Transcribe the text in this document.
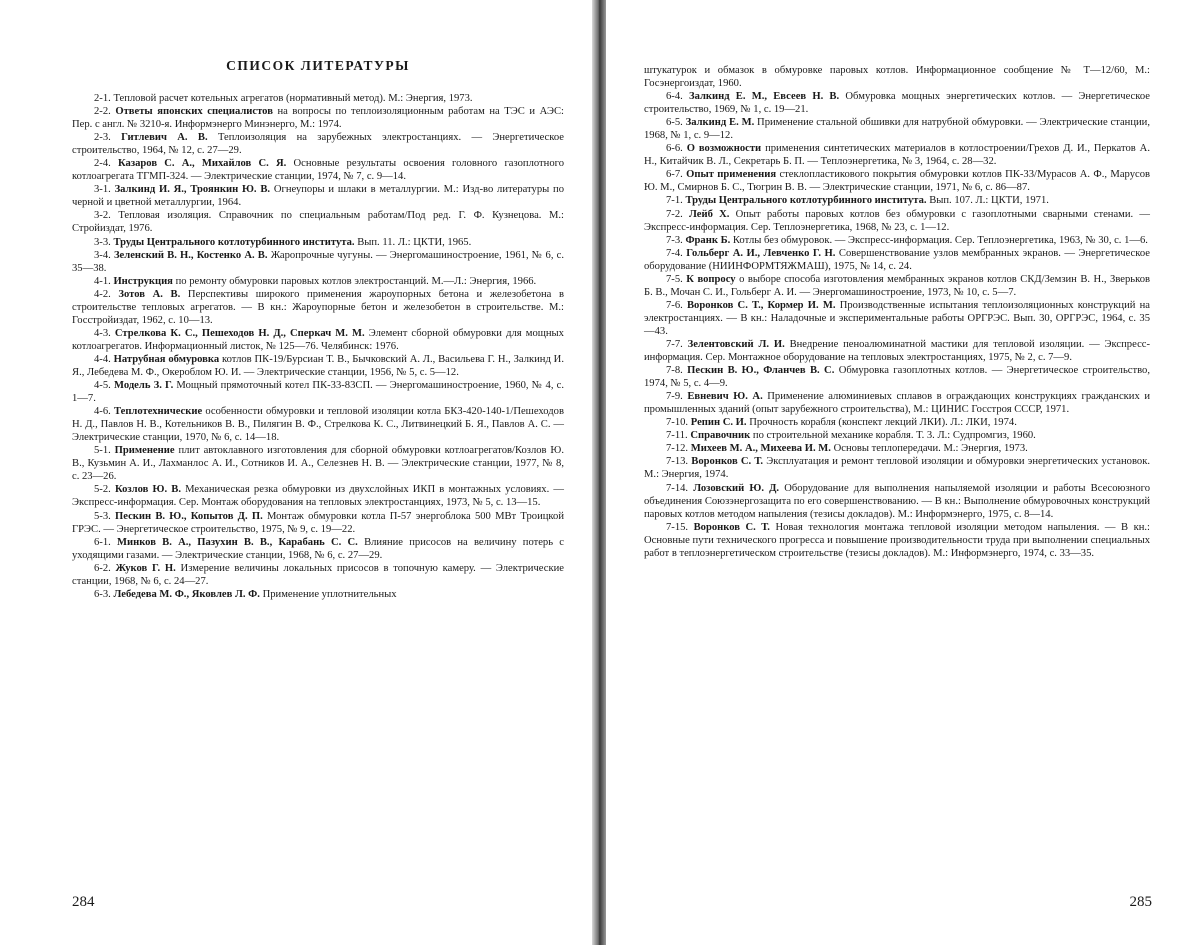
СПИСОК ЛИТЕРАТУРЫ

2-1. Тепловой расчет котельных агрегатов (нормативный метод). М.: Энергия, 1973.

2-2. Ответы японских специалистов на вопросы по теплоизоляционным работам на ТЭС и АЭС: Пер. с англ. № 3210-я. Информэнерго Минэнерго, М.: 1974.

2-3. Гитлевич А. В. Теплоизоляция на зарубежных электростанциях. — Энергетическое строительство, 1964, № 12, с. 27—29.

2-4. Казаров С. А., Михайлов С. Я. Основные результаты освоения головного газоплотного котлоагрегата ТГМП-324. — Электрические станции, 1974, № 7, с. 9—14.

3-1. Залкинд И. Я., Троянкин Ю. В. Огнеупоры и шлаки в металлургии. М.: Изд-во литературы по черной и цветной металлургии, 1964.

3-2. Тепловая изоляция. Справочник по специальным работам/Под ред. Г. Ф. Кузнецова. М.: Стройиздат, 1976.

3-3. Труды Центрального котлотурбинного института. Вып. 11. Л.: ЦКТИ, 1965.

3-4. Зеленский В. Н., Костенко А. В. Жаропрочные чугуны. — Энергомашиностроение, 1961, № 6, с. 35—38.

4-1. Инструкция по ремонту обмуровки паровых котлов электростанций. М.—Л.: Энергия, 1966.

4-2. Зотов А. В. Перспективы широкого применения жароупорных бетона и железобетона в строительстве тепловых агрегатов. — В кн.: Жароупорные бетон и железобетон в строительстве. М.: Госстройиздат, 1962, с. 10—13.

4-3. Стрелкова К. С., Пешеходов Н. Д., Сперкач М. М. Элемент сборной обмуровки для мощных котлоагрегатов. Информационный листок, № 125—76. Челябинск: 1976.

4-4. Натрубная обмуровка котлов ПК-19/Бурсиан Т. В., Бычковский А. Л., Васильева Г. Н., Залкинд И. Я., Лебедева М. Ф., Окероблом Ю. И. — Электрические станции, 1956, № 5, с. 5—12.

4-5. Модель З. Г. Мощный прямоточный котел ПК-33-83СП. — Энергомашиностроение, 1960, № 4, с. 1—7.

4-6. Теплотехнические особенности обмуровки и тепловой изоляции котла БКЗ-420-140-1/Пешеходов Н. Д., Павлов Н. В., Котельников В. В., Пилягин В. Ф., Стрелкова К. С., Литвинецкий Б. Я., Павлов А. С. — Электрические станции, 1970, № 6, с. 14—18.

5-1. Применение плит автоклавного изготовления для сборной обмуровки котлоагрегатов/Козлов Ю. В., Кузьмин А. И., Лахманлос А. И., Сотников И. А., Селезнев Н. В. — Электрические станции, 1977, № 8, с. 23—26.

5-2. Козлов Ю. В. Механическая резка обмуровки из двухслойных ИКП в монтажных условиях. — Экспресс-информация. Сер. Монтаж оборудования на тепловых электростанциях, 1973, № 5, с. 13—15.

5-3. Пескин В. Ю., Копытов Д. П. Монтаж обмуровки котла П-57 энергоблока 500 МВт Троицкой ГРЭС. — Энергетическое строительство, 1975, № 9, с. 19—22.

6-1. Минков В. А., Пазухин В. В., Карабань С. С. Влияние присосов на величину потерь с уходящими газами. — Электрические станции, 1968, № 6, с. 27—29.

6-2. Жуков Г. Н. Измерение величины локальных присосов в топочную камеру. — Электрические станции, 1968, № 6, с. 24—27.

6-3. Лебедева М. Ф., Яковлев Л. Ф. Применение уплотнительных

284

штукатурок и обмазок в обмуровке паровых котлов. Информационное сообщение № Т—12/60, М.: Госэнергоиздат, 1960.

6-4. Залкинд Е. М., Евсеев Н. В. Обмуровка мощных энергетических котлов. — Энергетическое строительство, 1969, № 1, с. 19—21.

6-5. Залкинд Е. М. Применение стальной обшивки для натрубной обмуровки. — Электрические станции, 1968, № 1, с. 9—12.

6-6. О возможности применения синтетических материалов в котлостроении/Грехов Д. И., Перкатов А. Н., Китайчик В. Л., Секретарь Б. П. — Теплоэнергетика, № 3, 1964, с. 28—32.

6-7. Опыт применения стеклопластикового покрытия обмуровки котлов ПК-33/Мурасов А. Ф., Марусов Ю. М., Смирнов Б. С., Тюгрин В. В. — Электрические станции, 1971, № 6, с. 86—87.

7-1. Труды Центрального котлотурбинного института. Вып. 107. Л.: ЦКТИ, 1971.

7-2. Лейб Х. Опыт работы паровых котлов без обмуровки с газоплотными сварными стенами. — Экспресс-информация. Сер. Теплоэнергетика, 1968, № 23, с. 1—12.

7-3. Франк Б. Котлы без обмуровок. — Экспресс-информация. Сер. Теплоэнергетика, 1963, № 30, с. 1—6.

7-4. Гольберг А. И., Левченко Г. Н. Совершенствование узлов мембранных экранов. — Энергетическое оборудование (НИИНФОРМТЯЖМАШ), 1975, № 14, с. 24.

7-5. К вопросу о выборе способа изготовления мембранных экранов котлов СКД/Земзин В. Н., Зверьков Б. В., Мочан С. И., Гольберг А. И. — Энергомашиностроение, 1973, № 10, с. 5—7.

7-6. Воронков С. Т., Кормер И. М. Производственные испытания теплоизоляционных конструкций на электростанциях. — В кн.: Наладочные и экспериментальные работы ОРГРЭС. Вып. 30, ОРГРЭС, 1964, с. 35—43.

7-7. Зелентовский Л. И. Внедрение пеноалюминатной мастики для тепловой изоляции. — Экспресс-информация. Сер. Монтажное оборудование на тепловых электростанциях, 1975, № 2, с. 7—9.

7-8. Пескин В. Ю., Фланчев В. С. Обмуровка газоплотных котлов. — Энергетическое строительство, 1974, № 5, с. 4—9.

7-9. Евневич Ю. А. Применение алюминиевых сплавов в ограждающих конструкциях гражданских и промышленных зданий (опыт зарубежного строительства), М.: ЦИНИС Госстроя СССР, 1971.

7-10. Репин С. И. Прочность корабля (конспект лекций ЛКИ). Л.: ЛКИ, 1974.

7-11. Справочник по строительной механике корабля. Т. 3. Л.: Судпромгиз, 1960.

7-12. Михеев М. А., Михеева И. М. Основы теплопередачи. М.: Энергия, 1973.

7-13. Воронков С. Т. Эксплуатация и ремонт тепловой изоляции и обмуровки энергетических установок. М.: Энергия, 1974.

7-14. Лозовский Ю. Д. Оборудование для выполнения напыляемой изоляции и работы Всесоюзного объединения Союзэнергозащита по его совершенствованию. — В кн.: Выполнение обмуровочных конструкций паровых котлов методом напыления (тезисы докладов). М.: Информэнерго, 1975, с. 8—14.

7-15. Воронков С. Т. Новая технология монтажа тепловой изоляции методом напыления. — В кн.: Основные пути технического прогресса и повышение производительности труда при выполнении специальных работ в теплоэнергетическом строительстве (тезисы докладов). М.: Информэнерго, 1974, с. 33—35.

285
